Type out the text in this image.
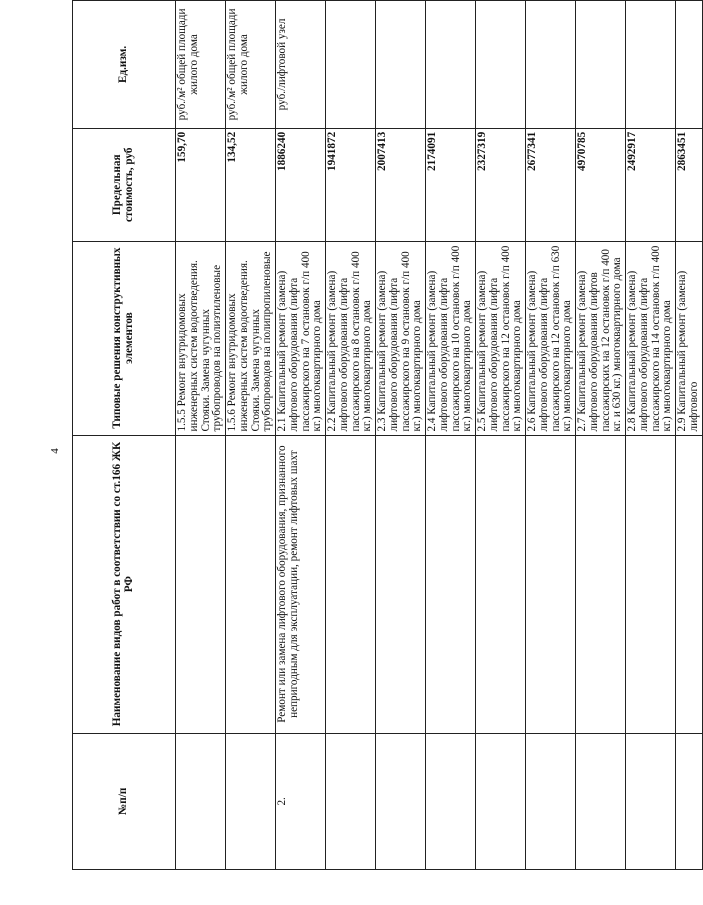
4
№п/п	Наименование видов работ в соответствии со ст.166 ЖК РФ	Типовые решения конструктивных элементов	Предельная стоимость, руб	Ед.изм.
		1.5.5 Ремонт внутридомовых инженерных систем водоотведения. Стояки. Замена чугунных трубопроводов на полиэтиленовые	159,70	руб./м² общей площади жилого дома
		1.5.6 Ремонт внутридомовых инженерных систем водоотведения. Стояки. Замена чугунных трубопроводов на полипропиленовые	134,52	руб./м² общей площади жилого дома
2.	Ремонт или замена лифтового оборудования, признанного непригодным для эксплуатации, ремонт лифтовых шахт	2.1 Капитальный ремонт (замена) лифтового оборудования (лифта пассажирского на 7 остановок г/п 400 кг.) многоквартирного дома	1886240	руб./лифтовой узел
		2.2 Капитальный ремонт (замена) лифтового оборудования (лифта пассажирского на 8 остановок г/п 400 кг.) многоквартирного дома	1941872	
		2.3 Капитальный ремонт (замена) лифтового оборудования (лифта пассажирского на 9 остановок г/п 400 кг.) многоквартирного дома	2007413	
		2.4 Капитальный ремонт (замена) лифтового оборудования (лифта пассажирского на 10 остановок г/п 400 кг.) многоквартирного дома	2174091	
		2.5 Капитальный ремонт (замена) лифтового оборудования (лифта пассажирского на 12 остановок г/п 400 кг.) многоквартирного дома	2327319	
		2.6 Капитальный ремонт (замена) лифтового оборудования (лифта пассажирского на 12 остановок г/п 630 кг.) многоквартирного дома	2677341	
		2.7 Капитальный ремонт (замена) лифтового оборудования (лифтов пассажирских на 12 остановок г/п 400 кг. и 630 кг.) многоквартирного дома	4970785	
		2.8 Капитальный ремонт (замена) лифтового оборудования (лифта пассажирского на 14 остановок г/п 400 кг.) многоквартирного дома	2492917	
		2.9 Капитальный ремонт (замена) лифтового	2863451	
